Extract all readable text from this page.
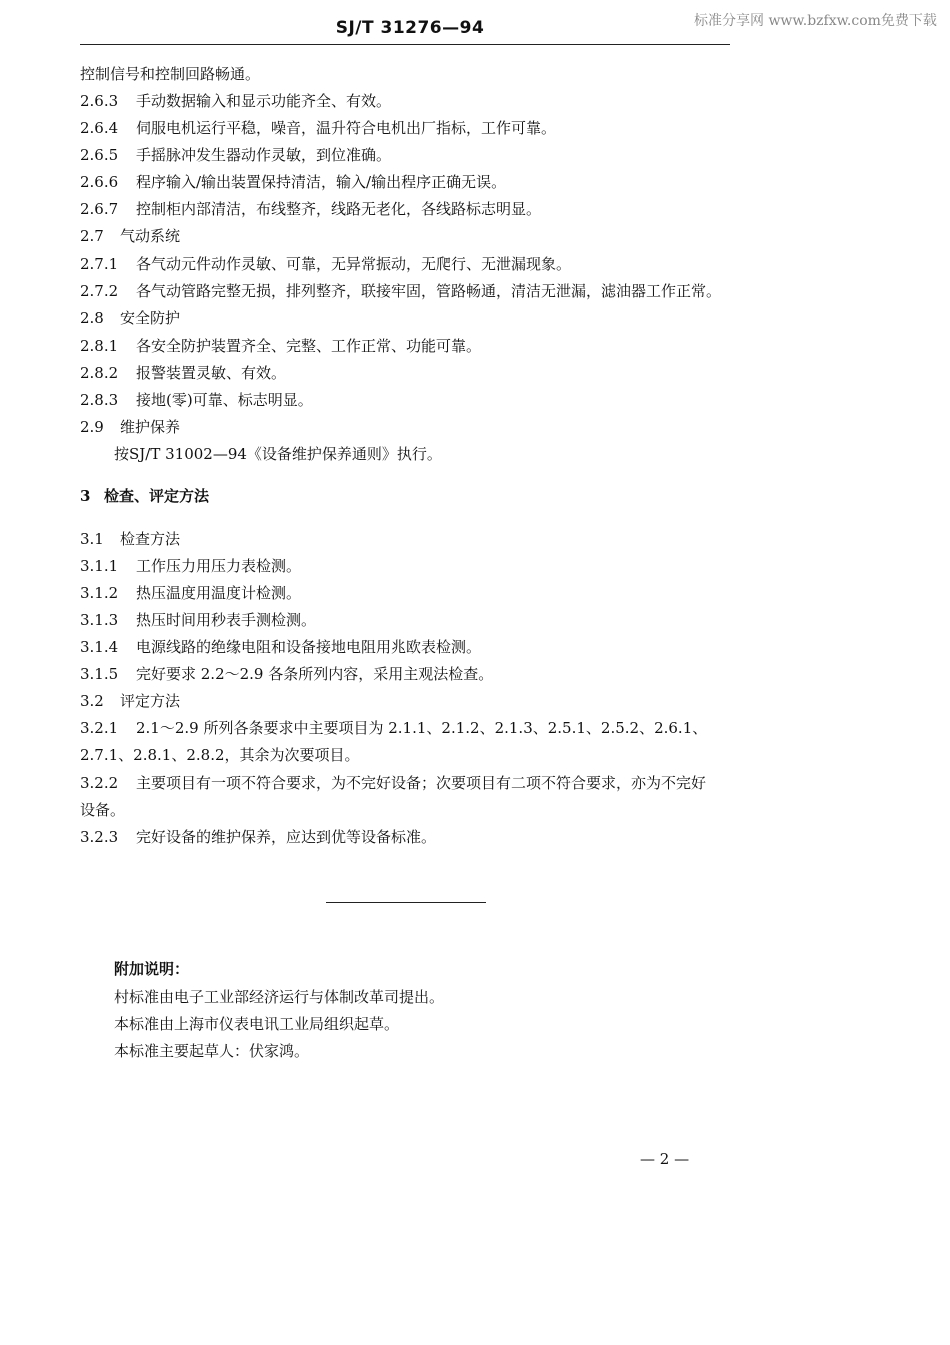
SJ/T 31276—94	标准分享网 www.bzfxw.com免费下载
控制信号和控制回路畅通。
2.6.3 手动数据输入和显示功能齐全、有效。
2.6.4 伺服电机运行平稳，噪音，温升符合电机出厂指标，工作可靠。
2.6.5 手摇脉冲发生器动作灵敏，到位准确。
2.6.6 程序输入/输出装置保持清洁，输入/输出程序正确无误。
2.6.7 控制柜内部清洁，布线整齐，线路无老化，各线路标志明显。
2.7 气动系统
2.7.1 各气动元件动作灵敏、可靠，无异常振动，无爬行、无泄漏现象。
2.7.2 各气动管路完整无损，排列整齐，联接牢固，管路畅通，清洁无泄漏，滤油器工作正常。
2.8 安全防护
2.8.1 各安全防护装置齐全、完整、工作正常、功能可靠。
2.8.2 报警装置灵敏、有效。
2.8.3 接地(零)可靠、标志明显。
2.9 维护保养
按SJ/T 31002—94《设备维护保养通则》执行。
3 检查、评定方法
3.1 检查方法
3.1.1 工作压力用压力表检测。
3.1.2 热压温度用温度计检测。
3.1.3 热压时间用秒表手测检测。
3.1.4 电源线路的绝缘电阻和设备接地电阻用兆欧表检测。
3.1.5 完好要求 2.2～2.9 各条所列内容，采用主观法检查。
3.2 评定方法
3.2.1 2.1～2.9 所列各条要求中主要项目为 2.1.1、2.1.2、2.1.3、2.5.1、2.5.2、2.6.1、
2.7.1、2.8.1、2.8.2，其余为次要项目。
3.2.2 主要项目有一项不符合要求，为不完好设备；次要项目有二项不符合要求，亦为不完好
设备。
3.2.3 完好设备的维护保养，应达到优等设备标准。
附加说明：
村标准由电子工业部经济运行与体制改革司提出。
本标准由上海市仪表电讯工业局组织起草。
本标准主要起草人：伏家鸿。
— 2 —
